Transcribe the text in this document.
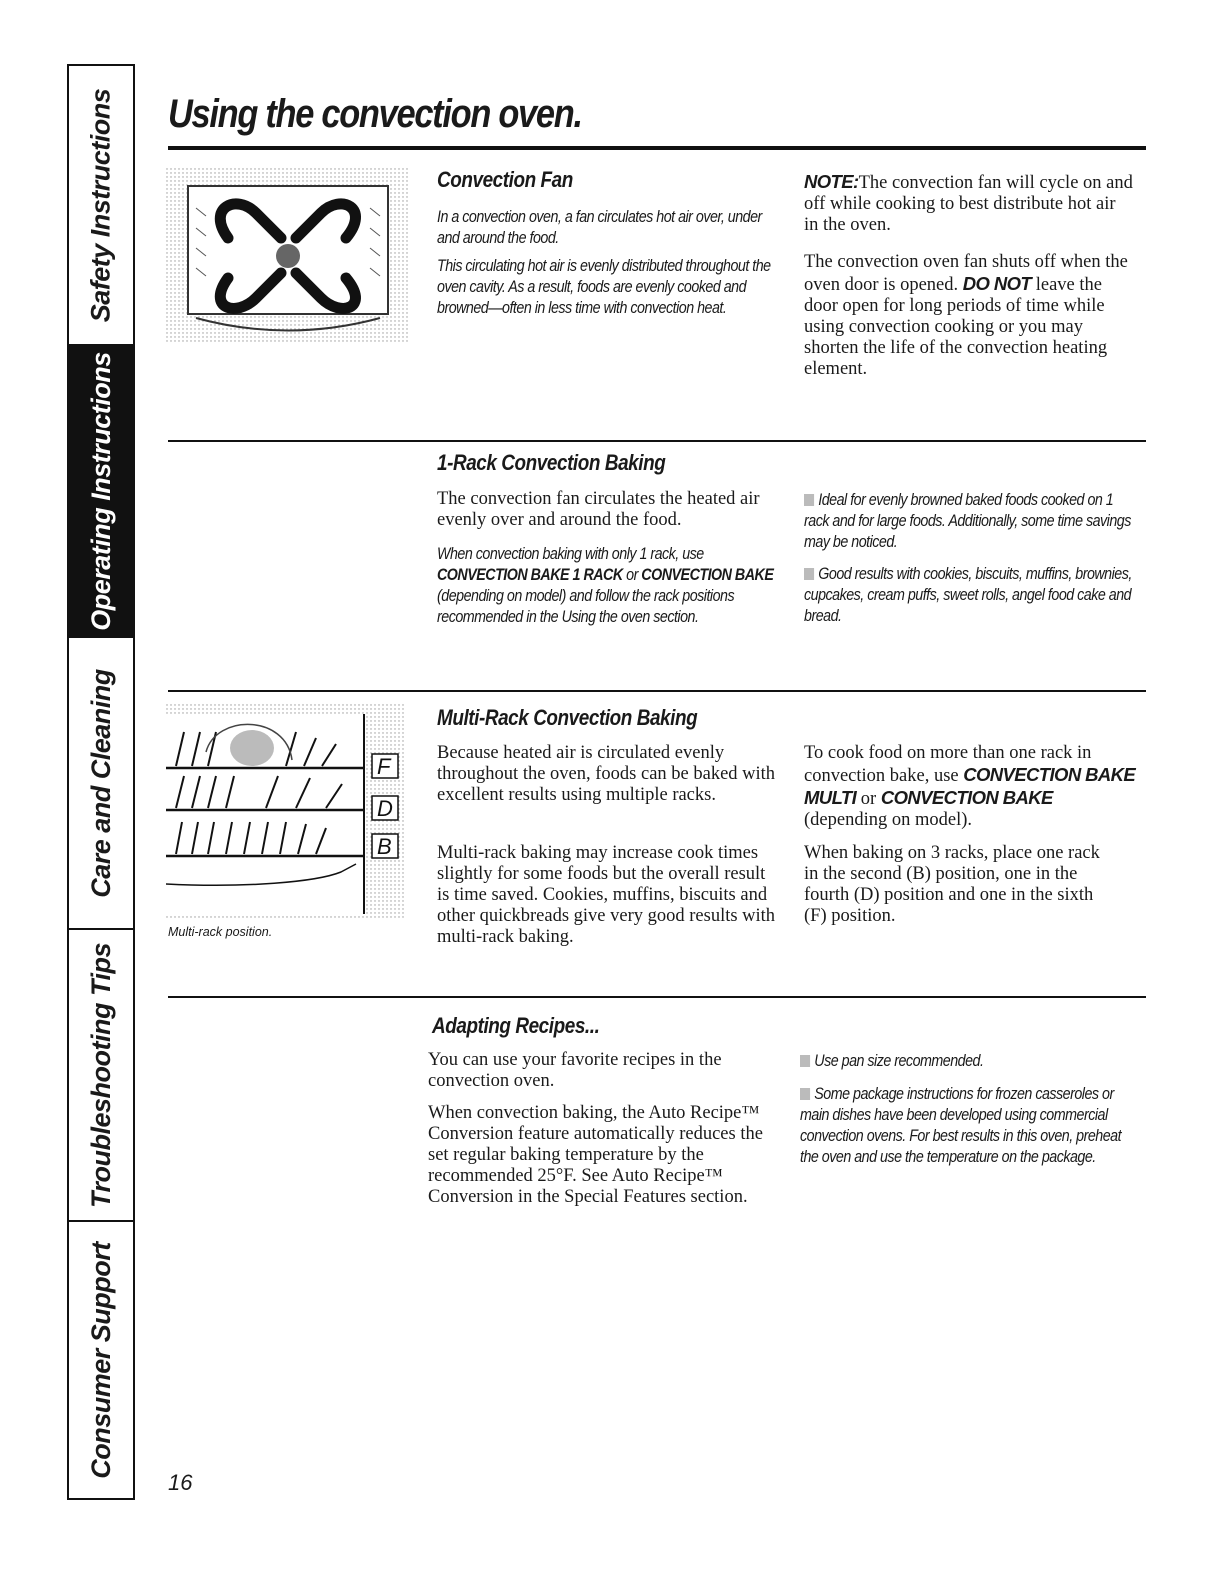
Safety Instructions
Operating Instructions
Care and Cleaning
Troubleshooting Tips
Consumer Support
Using the convection oven.
Convection Fan

In a convection oven, a fan circulates hot air over, under and around the food.

This circulating hot air is evenly distributed throughout the oven cavity. As a result, foods are evenly cooked and browned—often in less time with convection heat.

NOTE:The convection fan will cycle on and off while cooking to best distribute hot air in the oven.

The convection oven fan shuts off when the oven door is opened. DO NOT leave the door open for long periods of time while using convection cooking or you may shorten the life of the convection heating element.

1-Rack Convection Baking

The convection fan circulates the heated air evenly over and around the food.

When convection baking with only 1 rack, use CONVECTION BAKE 1 RACK or CONVECTION BAKE (depending on model) and follow the rack positions recommended in the Using the oven section.

Ideal for evenly browned baked foods cooked on 1 rack and for large foods. Additionally, some time savings may be noticed.

Good results with cookies, biscuits, muffins, brownies, cupcakes, cream puffs, sweet rolls, angel food cake and bread.

F
D
B
Multi-rack position.
Multi-Rack Convection Baking

Because heated air is circulated evenly throughout the oven, foods can be baked with excellent results using multiple racks.

Multi-rack baking may increase cook times slightly for some foods but the overall result is time saved. Cookies, muffins, biscuits and other quickbreads give very good results with multi-rack baking.

To cook food on more than one rack in convection bake, use CONVECTION BAKE MULTI or CONVECTION BAKE (depending on model).

When baking on 3 racks, place one rack in the second (B) position, one in the fourth (D) position and one in the sixth (F) position.

Adapting Recipes...

You can use your favorite recipes in the convection oven.

When convection baking, the Auto Recipe™ Conversion feature automatically reduces the set regular baking temperature by the recommended 25°F. See Auto Recipe™ Conversion in the Special Features section.

Use pan size recommended.

Some package instructions for frozen casseroles or main dishes have been developed using commercial convection ovens. For best results in this oven, preheat the oven and use the temperature on the package.

16
